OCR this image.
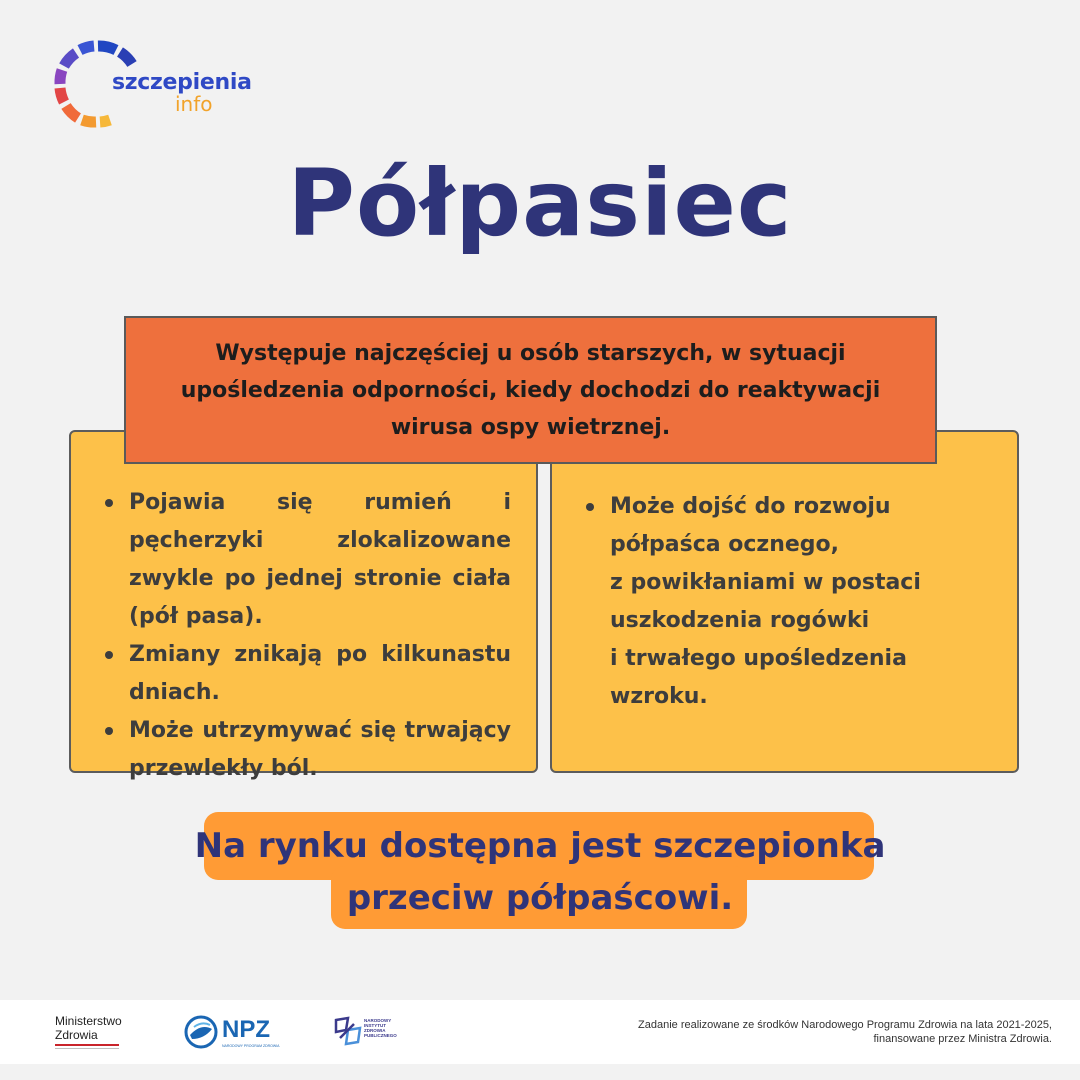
szczepienia
info
Półpasiec
Pojawia się rumień i pęcherzyki zlokalizowane zwykle po jednej stronie ciała (pół pasa).
Zmiany znikają po kilkunastu dniach.
Może utrzymywać się trwający przewlekły ból.
Może dojść do rozwoju półpaśca ocznego,
z powikłaniami w postaci uszkodzenia rogówki
i trwałego upośledzenia wzroku.
Występuje najczęściej u osób starszych, w sytuacji upośledzenia odporności, kiedy dochodzi do reaktywacji wirusa ospy wietrznej.
Na rynku dostępna jest szczepionka
przeciw półpaścowi.
Ministerstwo
Zdrowia	NPZ
NARODOWY PROGRAM ZDROWIA
NARODOWY INSTYTUT ZDROWIA PUBLICZNEGO
Zadanie realizowane ze środków Narodowego Programu Zdrowia na lata 2021-2025,
finansowane przez Ministra Zdrowia.
